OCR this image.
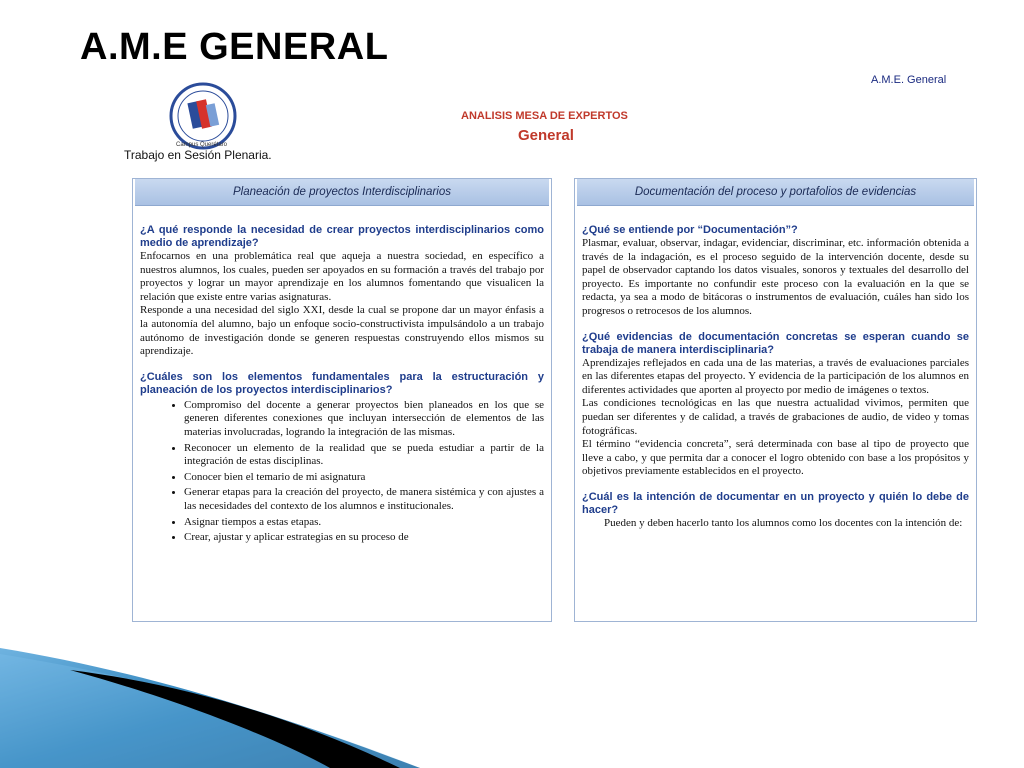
A.M.E GENERAL
A.M.E. General
Campus Querétaro
Trabajo en Sesión Plenaria.
ANALISIS MESA DE EXPERTOS
General
Planeación de proyectos Interdisciplinarios

¿A qué responde la necesidad de crear proyectos interdisciplinarios como medio de aprendizaje?

Enfocarnos en una problemática real que aqueja a nuestra sociedad, en específico a nuestros alumnos, los cuales, pueden ser apoyados en su formación a través del trabajo por proyectos y lograr un mayor aprendizaje en los alumnos fomentando que visualicen la relación que existe entre varias asignaturas.

Responde a una necesidad del siglo XXI, desde la cual se propone dar un mayor énfasis a la autonomía del alumno, bajo un enfoque socio-constructivista impulsándolo a un trabajo autónomo de investigación donde se generen respuestas construyendo ellos mismos su aprendizaje.

¿Cuáles son los elementos fundamentales para la estructuración y planeación de los proyectos interdisciplinarios?

• Compromiso del docente a generar proyectos bien planeados en los que se generen diferentes conexiones que incluyan intersección de elementos de las materias involucradas, logrando la integración de las mismas.
• Reconocer un elemento de la realidad que se pueda estudiar a partir de la integración de estas disciplinas.
• Conocer bien el temario de mi asignatura
• Generar etapas para la creación del proyecto, de manera sistémica y con ajustes a las necesidades del contexto de los alumnos e institucionales.
• Asignar tiempos a estas etapas.
• Crear, ajustar y aplicar estrategias en su proceso de
Documentación del proceso y portafolios de evidencias

¿Qué se entiende por “Documentación”?

Plasmar, evaluar, observar, indagar, evidenciar, discriminar, etc. información obtenida a través de la indagación, es el proceso seguido de la intervención docente, desde su papel de observador captando los datos visuales, sonoros y textuales del desarrollo del proyecto. Es importante no confundir este proceso con la evaluación en la que se redacta, ya sea a modo de bitácoras o instrumentos de evaluación, cuáles han sido los progresos o retrocesos de los alumnos.

¿Qué evidencias de documentación concretas se esperan cuando se trabaja de manera interdisciplinaria?

Aprendizajes reflejados en cada una de las materias, a través de evaluaciones parciales en las diferentes etapas del proyecto. Y evidencia de la participación de los alumnos en diferentes actividades que aporten al proyecto por medio de imágenes o textos.

Las condiciones tecnológicas en las que nuestra actualidad vivimos, permiten que puedan ser diferentes y de calidad, a través de grabaciones de audio, de video y tomas fotográficas.

El término “evidencia concreta”, será determinada con base al tipo de proyecto que lleve a cabo, y que permita dar a conocer el logro obtenido con base a los propósitos y objetivos previamente establecidos en el proyecto.

¿Cuál es la intención de documentar en un proyecto y quién lo debe de hacer?

Pueden y deben hacerlo tanto los alumnos como los docentes con la intención de:
